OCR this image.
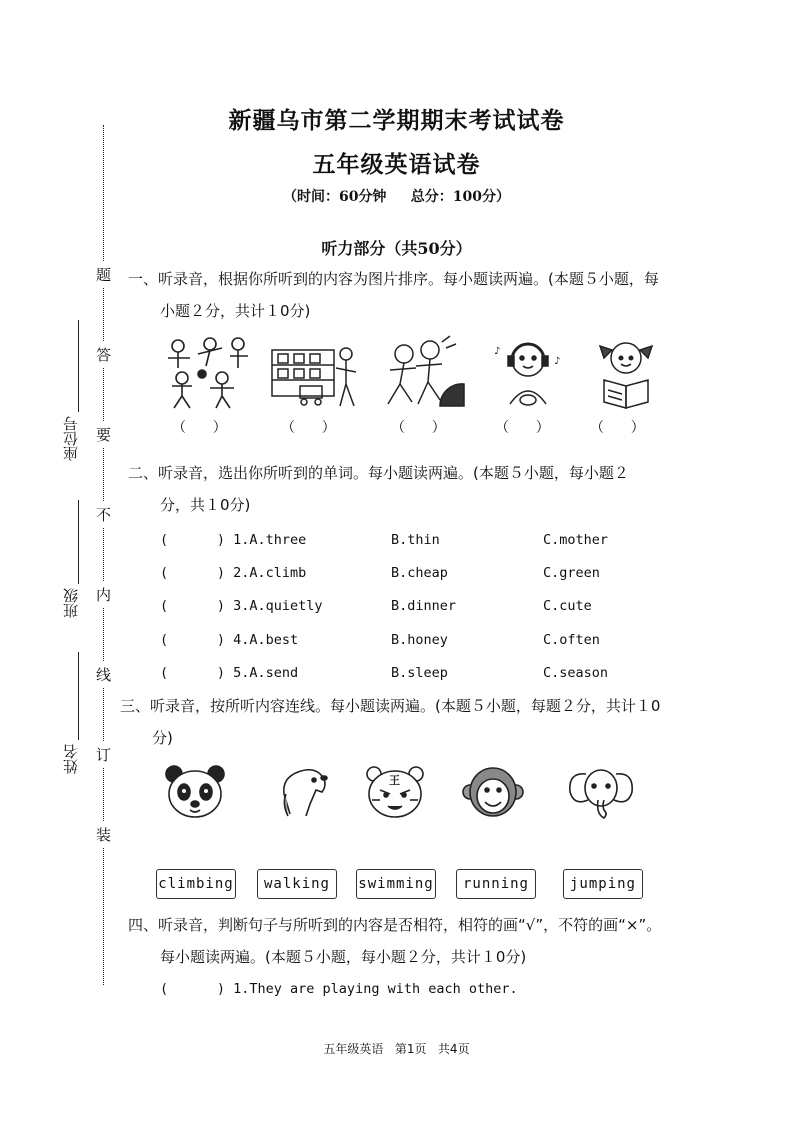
题
答
要
不
内
线
订
装
座位号
班级
姓名
新疆乌市第二学期期末考试试卷
五年级英语试卷
（时间：60分钟     总分：100分）
听力部分（共50分）
一、听录音，根据你所听到的内容为图片排序。每小题读两遍。(本题５小题，每
小题２分，共计１0分)
♪
♪
（      ）	（      ）	（      ）	（      ）	（      ）
二、听录音，选出你所听到的单词。每小题读两遍。(本题５小题，每小题２
分，共１0分)
(      ) 1.A.three	B.thin	C.mother
(      ) 2.A.climb	B.cheap	C.green
(      ) 3.A.quietly	B.dinner	C.cute
(      ) 4.A.best	B.honey	C.often
(      ) 5.A.send	B.sleep	C.season
三、听录音，按所听内容连线。每小题读两遍。(本题５小题，每题２分，共计１0
分)
王
climbing	walking	swimming	running	jumping
四、听录音，判断句子与所听到的内容是否相符，相符的画“√”，不符的画“×”。
每小题读两遍。(本题５小题，每小题２分，共计１0分)
(      ) 1.They are playing with each other.
五年级英语   第1页   共4页
